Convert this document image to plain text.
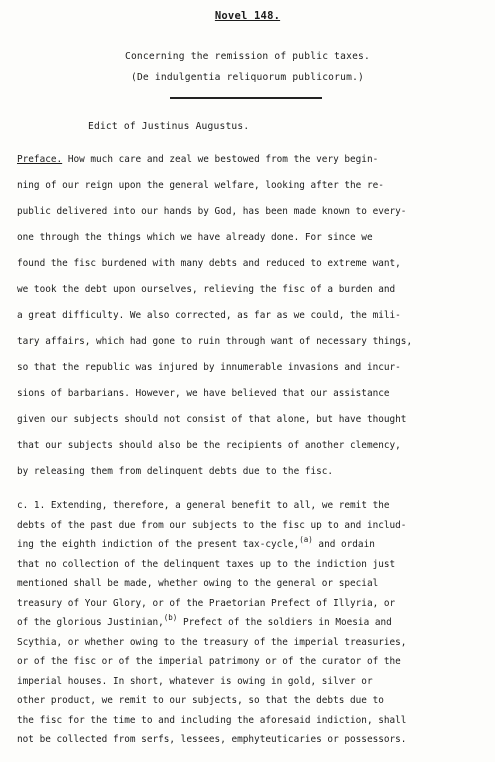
Novel 148.
Concerning the remission of public taxes.
(De indulgentia reliquorum publicorum.)
Edict of Justinus Augustus.
Preface. How much care and zeal we bestowed from the very begin-
ning of our reign upon the general welfare, looking after the re-
public delivered into our hands by God, has been made known to every-
one through the things which we have already done. For since we
found the fisc burdened with many debts and reduced to extreme want,
we took the debt upon ourselves, relieving the fisc of a burden and
a great difficulty. We also corrected, as far as we could, the mili-
tary affairs, which had gone to ruin through want of necessary things,
so that the republic was injured by innumerable invasions and incur-
sions of barbarians. However, we have believed that our assistance
given our subjects should not consist of that alone, but have thought
that our subjects should also be the recipients of another clemency,
by releasing them from delinquent debts due to the fisc.
c. 1. Extending, therefore, a general benefit to all, we remit the
debts of the past due from our subjects to the fisc up to and includ-
ing the eighth indiction of the present tax-cycle,$^{(a)}$ and ordain
that no collection of the delinquent taxes up to the indiction just
mentioned shall be made, whether owing to the general or special
treasury of Your Glory, or of the Praetorian Prefect of Illyria, or
of the glorious Justinian,$^{(b)}$ Prefect of the soldiers in Moesia and
Scythia, or whether owing to the treasury of the imperial treasuries,
or of the fisc or of the imperial patrimony or of the curator of the
imperial houses. In short, whatever is owing in gold, silver or
other product, we remit to our subjects, so that the debts due to
the fisc for the time to and including the aforesaid indiction, shall
not be collected from serfs, lessees, emphyteuticaries or possessors.
